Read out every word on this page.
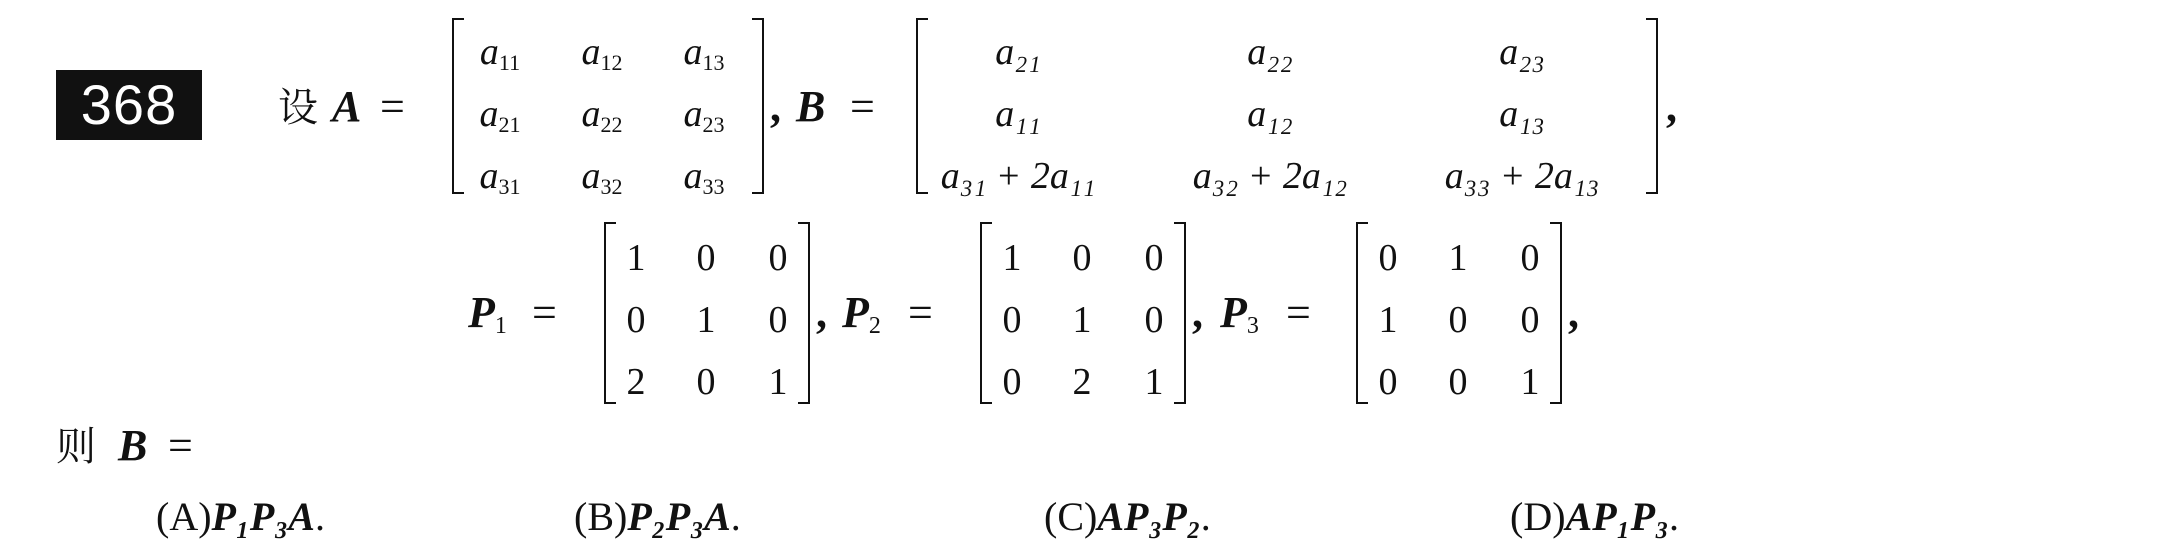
368	设 A =
$a_{11}$ $a_{12}$ $a_{13}$
$a_{21}$ $a_{22}$ $a_{23}$
$a_{31}$ $a_{32}$ $a_{33}$
, B =
a₂₁	a₂₂	a₂₃
a₁₁	a₁₂	a₁₃
a₃₁ + 2a₁₁	a₃₂ + 2a₁₂	a₃₃ + 2a₁₃
,
$P_1$ =
1 0 0
0 1 0
2 0 1
, $P_2$ =
1 0 0
0 1 0
0 2 1
, $P_3$ =
0 1 0
1 0 0
0 0 1
,
则 B =
(A)P₁P₃A.	(B)P₂P₃A.	(C)AP₃P₂.	(D)AP₁P₃.
